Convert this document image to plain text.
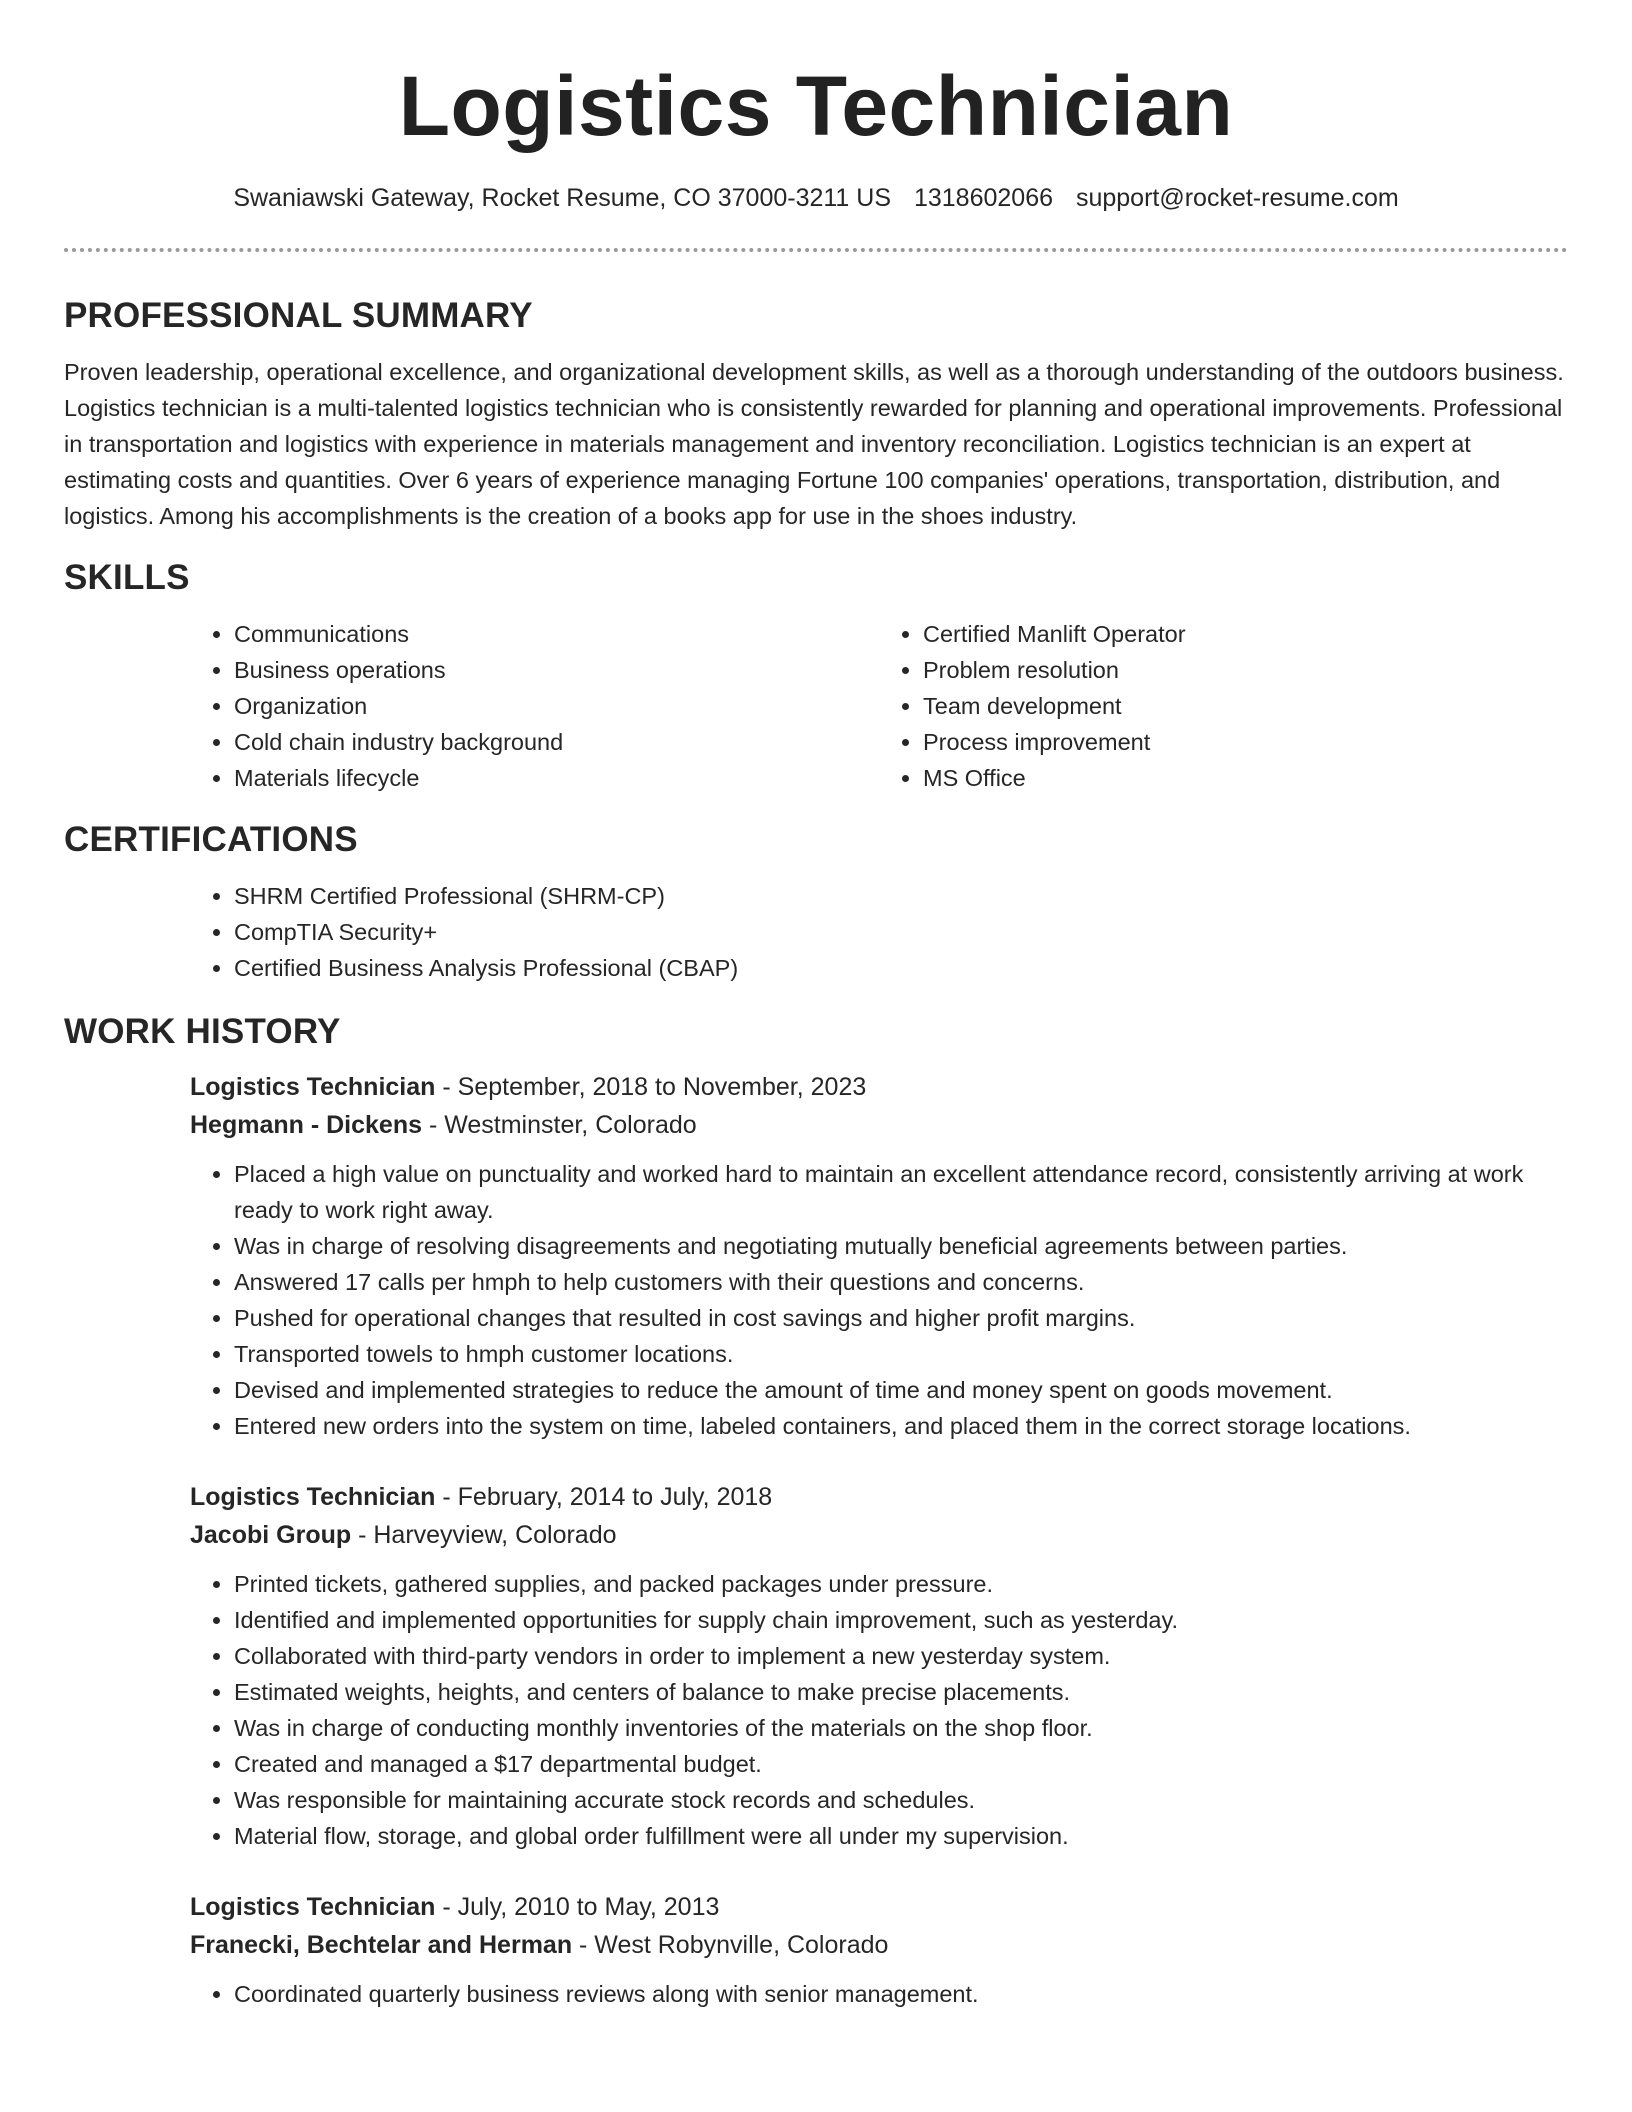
Logistics Technician
Swaniawski Gateway, Rocket Resume, CO 37000-3211 US 1318602066 support@rocket-resume.com
PROFESSIONAL SUMMARY

Proven leadership, operational excellence, and organizational development skills, as well as a thorough understanding of the outdoors business. Logistics technician is a multi-talented logistics technician who is consistently rewarded for planning and operational improvements. Professional in transportation and logistics with experience in materials management and inventory reconciliation. Logistics technician is an expert at estimating costs and quantities. Over 6 years of experience managing Fortune 100 companies' operations, transportation, distribution, and logistics. Among his accomplishments is the creation of a books app for use in the shoes industry.

SKILLS
• Communications
• Business operations
• Organization
• Cold chain industry background
• Materials lifecycle
• Certified Manlift Operator
• Problem resolution
• Team development
• Process improvement
• MS Office
CERTIFICATIONS
• SHRM Certified Professional (SHRM-CP)
• CompTIA Security+
• Certified Business Analysis Professional (CBAP)
WORK HISTORY
Logistics Technician - September, 2018 to November, 2023
Hegmann - Dickens - Westminster, Colorado
• Placed a high value on punctuality and worked hard to maintain an excellent attendance record, consistently arriving at work ready to work right away.
• Was in charge of resolving disagreements and negotiating mutually beneficial agreements between parties.
• Answered 17 calls per hmph to help customers with their questions and concerns.
• Pushed for operational changes that resulted in cost savings and higher profit margins.
• Transported towels to hmph customer locations.
• Devised and implemented strategies to reduce the amount of time and money spent on goods movement.
• Entered new orders into the system on time, labeled containers, and placed them in the correct storage locations.
Logistics Technician - February, 2014 to July, 2018
Jacobi Group - Harveyview, Colorado
• Printed tickets, gathered supplies, and packed packages under pressure.
• Identified and implemented opportunities for supply chain improvement, such as yesterday.
• Collaborated with third-party vendors in order to implement a new yesterday system.
• Estimated weights, heights, and centers of balance to make precise placements.
• Was in charge of conducting monthly inventories of the materials on the shop floor.
• Created and managed a $17 departmental budget.
• Was responsible for maintaining accurate stock records and schedules.
• Material flow, storage, and global order fulfillment were all under my supervision.
Logistics Technician - July, 2010 to May, 2013
Franecki, Bechtelar and Herman - West Robynville, Colorado
• Coordinated quarterly business reviews along with senior management.
